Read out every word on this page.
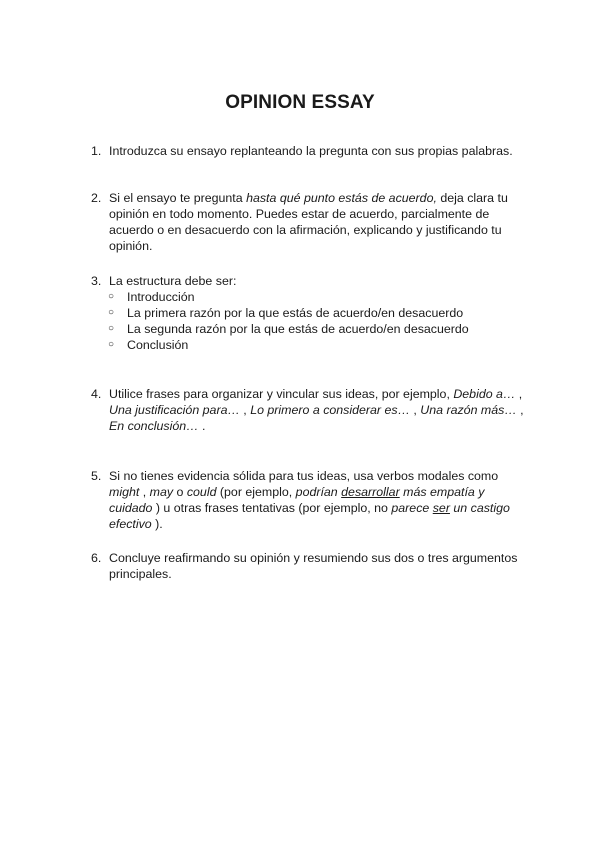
OPINION ESSAY
1. Introduzca su ensayo replanteando la pregunta con sus propias palabras.
2. Si el ensayo te pregunta hasta qué punto estás de acuerdo, deja clara tu opinión en todo momento. Puedes estar de acuerdo, parcialmente de acuerdo o en desacuerdo con la afirmación, explicando y justificando tu opinión.
3. La estructura debe ser:
○ Introducción
○ La primera razón por la que estás de acuerdo/en desacuerdo
○ La segunda razón por la que estás de acuerdo/en desacuerdo
○ Conclusión
4. Utilice frases para organizar y vincular sus ideas, por ejemplo, Debido a… , Una justificación para… , Lo primero a considerar es… , Una razón más… , En conclusión… .
5. Si no tienes evidencia sólida para tus ideas, usa verbos modales como might , may o could (por ejemplo, podrían desarrollar más empatía y cuidado ) u otras frases tentativas (por ejemplo, no parece ser un castigo efectivo ).
6. Concluye reafirmando su opinión y resumiendo sus dos o tres argumentos principales.
